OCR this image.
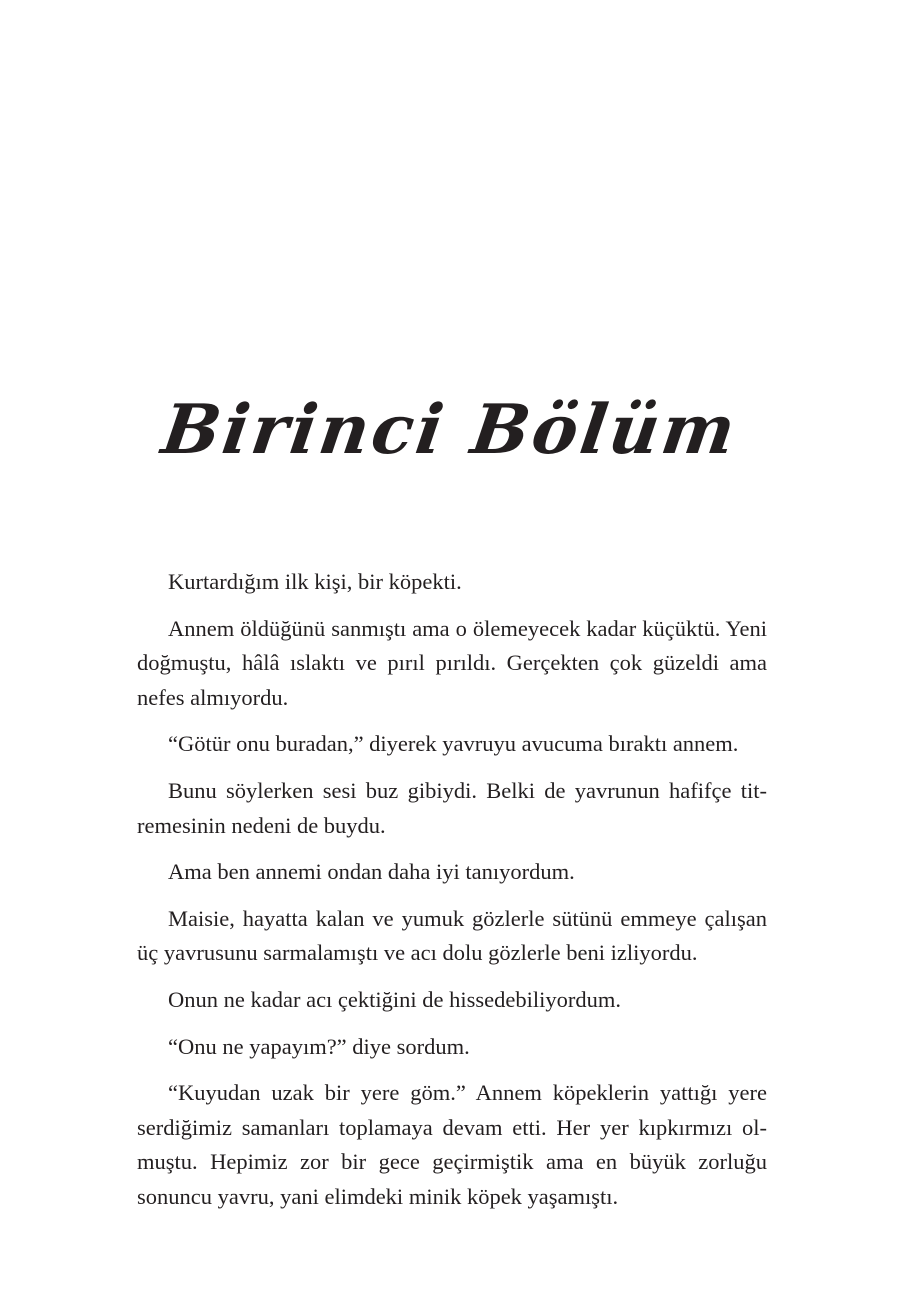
Birinci Bölüm

Kurtardığım ilk kişi, bir köpekti.

Annem öldüğünü sanmıştı ama o ölemeyecek kadar küçüktü. Yeni doğmuştu, hâlâ ıslaktı ve pırıl pırıldı. Gerçekten çok güzeldi ama nefes almıyordu.

“Götür onu buradan,” diyerek yavruyu avucuma bıraktı annem.

Bunu söylerken sesi buz gibiydi. Belki de yavrunun hafifçe titremesinin nedeni de buydu.

Ama ben annemi ondan daha iyi tanıyordum.

Maisie, hayatta kalan ve yumuk gözlerle sütünü emmeye çalışan üç yavrusunu sarmalamıştı ve acı dolu gözlerle beni izliyordu.

Onun ne kadar acı çektiğini de hissedebiliyordum.

“Onu ne yapayım?” diye sordum.

“Kuyudan uzak bir yere göm.” Annem köpeklerin yattığı yere serdiğimiz samanları toplamaya devam etti. Her yer kıpkırmızı olmuştu. Hepimiz zor bir gece geçirmiştik ama en büyük zorluğu sonuncu yavru, yani elimdeki minik köpek yaşamıştı.
